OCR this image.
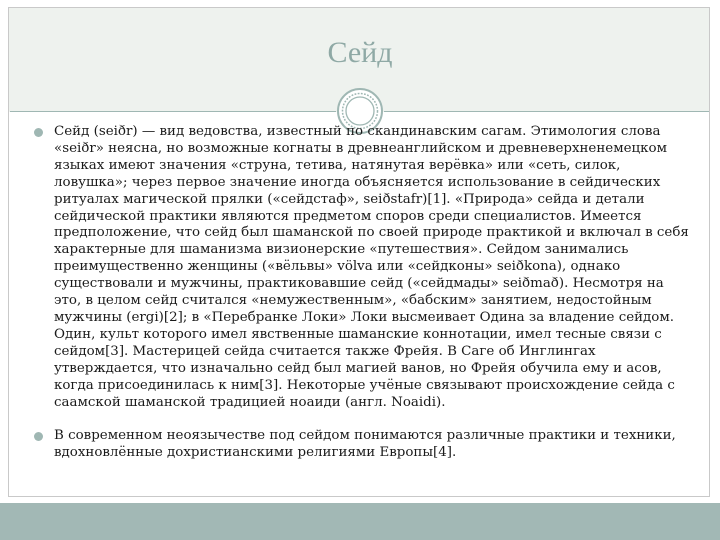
Сейд

Сейд (seiðr) — вид ведовства, известный по скандинавским сагам. Этимология слова «seiðr» неясна, но возможные когнаты в древнеанглийском и древневерхненемецком языках имеют значения «струна, тетива, натянутая верёвка» или «сеть, силок, ловушка»; через первое значение иногда объясняется использование в сейдических ритуалах магической прялки («сейдстаф», seiðstafr)[1]. «Природа» сейда и детали сейдической практики являются предметом споров среди специалистов. Имеется предположение, что сейд был шаманской по своей природе практикой и включал в себя характерные для шаманизма визионерские «путешествия». Сейдом занимались преимущественно женщины («вёльвы» völva или «сейдконы» seiðkona), однако существовали и мужчины, практиковавшие сейд («сейдмады» seiðmað). Несмотря на это, в целом сейд считался «немужественным», «бабским» занятием, недостойным мужчины (ergi)[2]; в «Перебранке Локи» Локи высмеивает Одина за владение сейдом. Один, культ которого имел явственные шаманские коннотации, имел тесные связи с сейдом[3]. Мастерицей сейда считается также Фрейя. В Саге об Инглингах утверждается, что изначально сейд был магией ванов, но Фрейя обучила ему и асов, когда присоединилась к ним[3]. Некоторые учёные связывают происхождение сейда с саамской шаманской традицией ноаиди (англ. Noaidi).

В современном неоязычестве под сейдом понимаются различные практики и техники, вдохновлённые дохристианскими религиями Европы[4].
